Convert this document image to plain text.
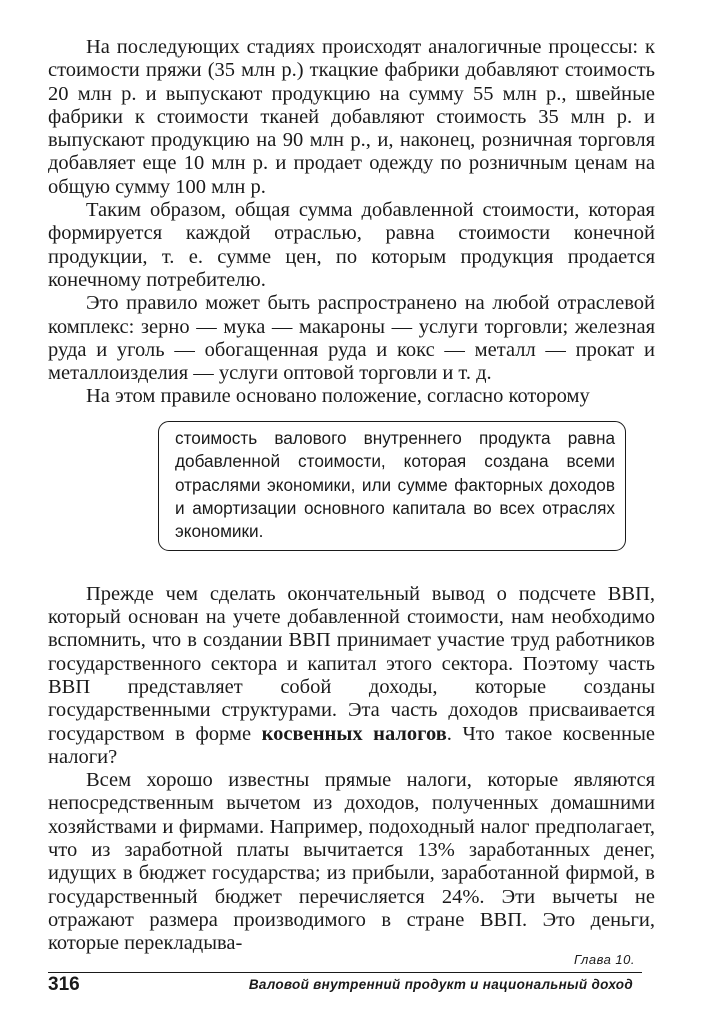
На последующих стадиях происходят аналогичные процессы: к стоимости пряжи (35 млн р.) ткацкие фабрики добавляют стоимость 20 млн р. и выпускают продукцию на сумму 55 млн р., швейные фабрики к стоимости тканей добавляют стоимость 35 млн р. и выпускают продукцию на 90 млн р., и, наконец, розничная торговля добавляет еще 10 млн р. и продает одежду по розничным ценам на общую сумму 100 млн р.

Таким образом, общая сумма добавленной стоимости, которая формируется каждой отраслью, равна стоимости конечной продукции, т. е. сумме цен, по которым продукция продается конечному потребителю.

Это правило может быть распространено на любой отраслевой комплекс: зерно — мука — макароны — услуги торговли; железная руда и уголь — обогащенная руда и кокс — металл — прокат и металлоизделия — услуги оптовой торговли и т. д.

На этом правиле основано положение, согласно которому

стоимость валового внутреннего продукта равна добавленной стоимости, которая создана всеми отраслями экономики, или сумме факторных доходов и амортизации основного капитала во всех отраслях экономики.

Прежде чем сделать окончательный вывод о подсчете ВВП, который основан на учете добавленной стоимости, нам необходимо вспомнить, что в создании ВВП принимает участие труд работников государственного сектора и капитал этого сектора. Поэтому часть ВВП представляет собой доходы, которые созданы государственными структурами. Эта часть доходов присваивается государством в форме косвенных налогов. Что такое косвенные налоги?

Всем хорошо известны прямые налоги, которые являются непосредственным вычетом из доходов, полученных домашними хозяйствами и фирмами. Например, подоходный налог предполагает, что из заработной платы вычитается 13% заработанных денег, идущих в бюджет государства; из прибыли, заработанной фирмой, в государственный бюджет перечисляется 24%. Эти вычеты не отражают размера производимого в стране ВВП. Это деньги, которые перекладыва-

Глава 10.
316	Валовой внутренний продукт и национальный доход
